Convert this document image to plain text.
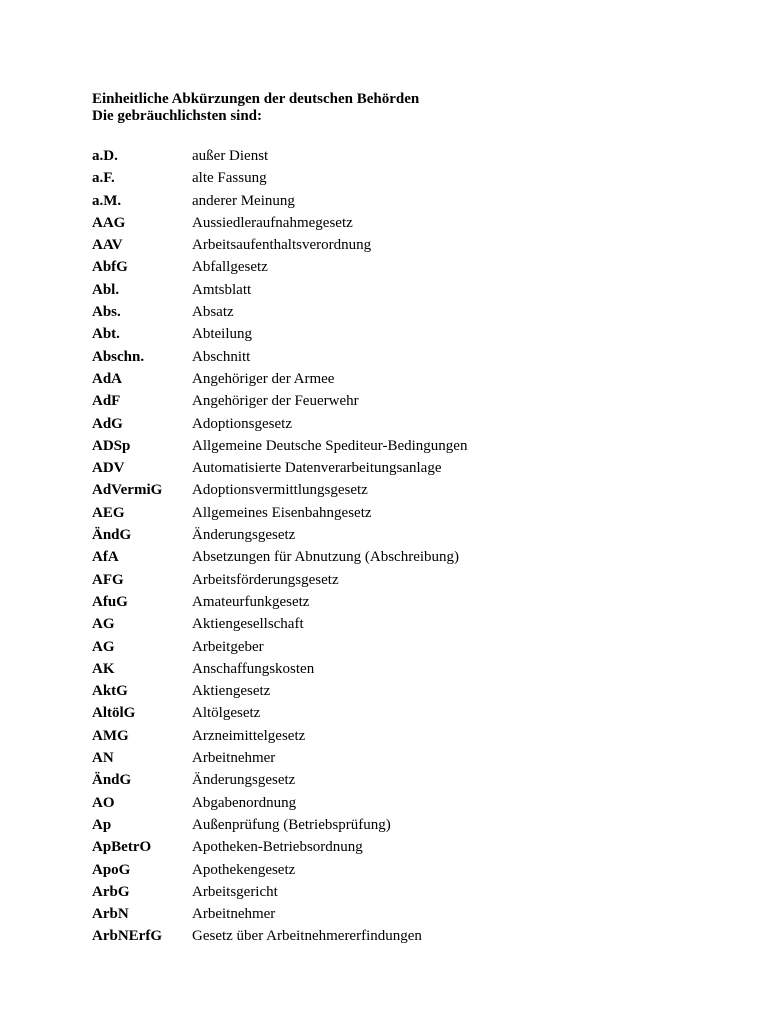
Einheitliche Abkürzungen der deutschen Behörden

Die gebräuchlichsten sind:

a.D.	außer Dienst
a.F.	alte Fassung
a.M.	anderer Meinung
AAG	Aussiedleraufnahmegesetz
AAV	Arbeitsaufenthaltsverordnung
AbfG	Abfallgesetz
Abl.	Amtsblatt
Abs.	Absatz
Abt.	Abteilung
Abschn.	Abschnitt
AdA	Angehöriger der Armee
AdF	Angehöriger der Feuerwehr
AdG	Adoptionsgesetz
ADSp	Allgemeine Deutsche Spediteur-Bedingungen
ADV	Automatisierte Datenverarbeitungsanlage
AdVermiG	Adoptionsvermittlungsgesetz
AEG	Allgemeines Eisenbahngesetz
ÄndG	Änderungsgesetz
AfA	Absetzungen für Abnutzung (Abschreibung)
AFG	Arbeitsförderungsgesetz
AfuG	Amateurfunkgesetz
AG	Aktiengesellschaft
AG	Arbeitgeber
AK	Anschaffungskosten
AktG	Aktiengesetz
AltölG	Altölgesetz
AMG	Arzneimittelgesetz
AN	Arbeitnehmer
ÄndG	Änderungsgesetz
AO	Abgabenordnung
Ap	Außenprüfung (Betriebsprüfung)
ApBetrO	Apotheken-Betriebsordnung
ApoG	Apothekengesetz
ArbG	Arbeitsgericht
ArbN	Arbeitnehmer
ArbNErfG	Gesetz über Arbeitnehmererfindungen
